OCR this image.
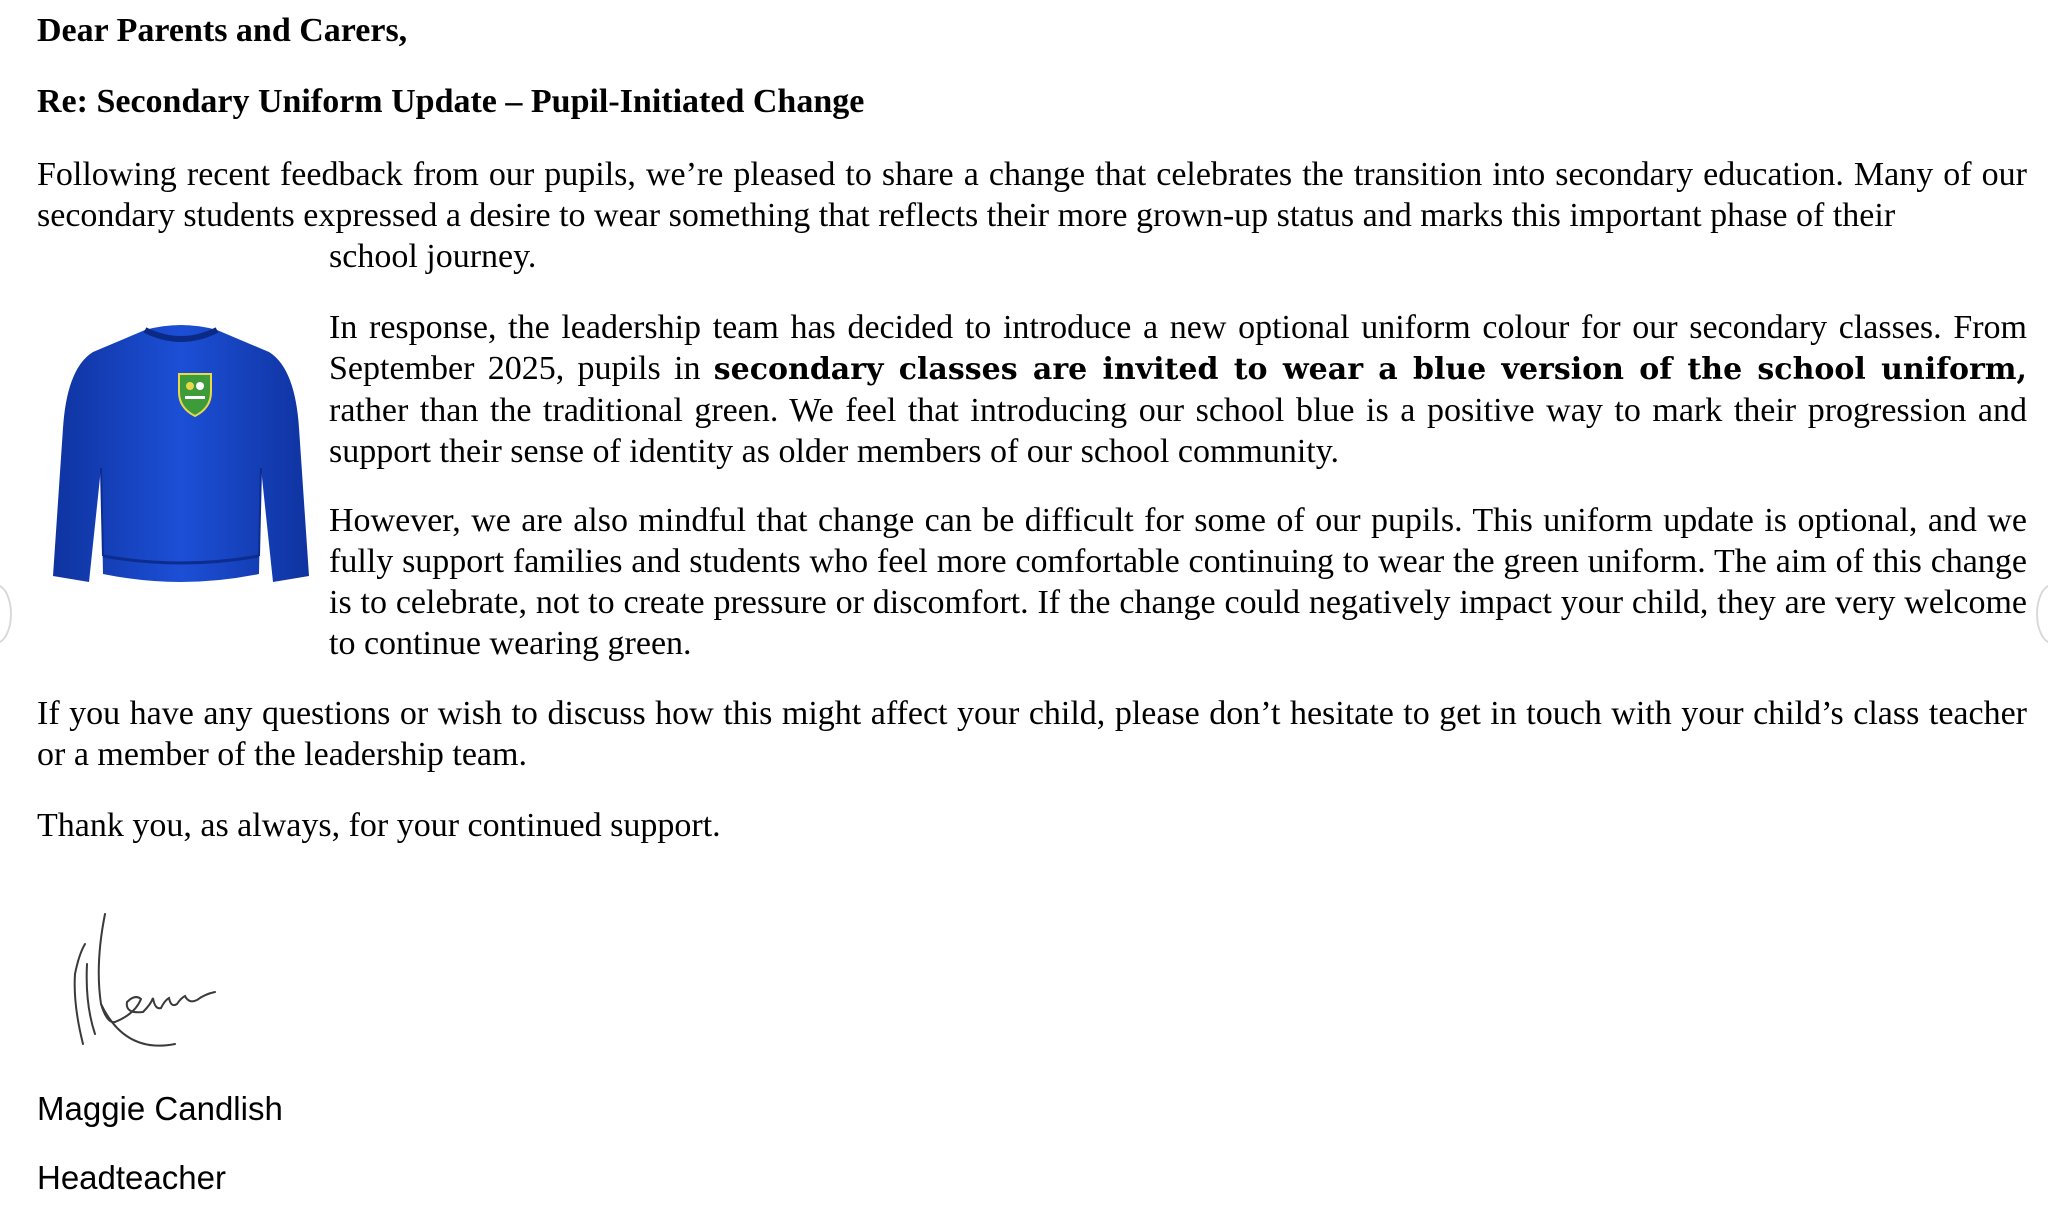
Dear Parents and Carers,
Re: Secondary Uniform Update – Pupil-Initiated Change
Following recent feedback from our pupils, we’re pleased to share a change that celebrates the transition into secondary education. Many of our secondary students expressed a desire to wear something that reflects their more grown-up status and marks this important phase of their
school journey.
In response, the leadership team has decided to introduce a new optional uniform colour for our secondary classes. From September 2025, pupils in secondary classes are invited to wear a blue version of the school uniform, rather than the traditional green. We feel that introducing our school blue is a positive way to mark their progression and support their sense of identity as older members of our school community.
However, we are also mindful that change can be difficult for some of our pupils. This uniform update is optional, and we fully support families and students who feel more comfortable continuing to wear the green uniform. The aim of this change is to celebrate, not to create pressure or discomfort. If the change could negatively impact your child, they are very welcome to continue wearing green.
If you have any questions or wish to discuss how this might affect your child, please don’t hesitate to get in touch with your child’s class teacher or a member of the leadership team.
Thank you, as always, for your continued support.
Maggie Candlish
Headteacher
